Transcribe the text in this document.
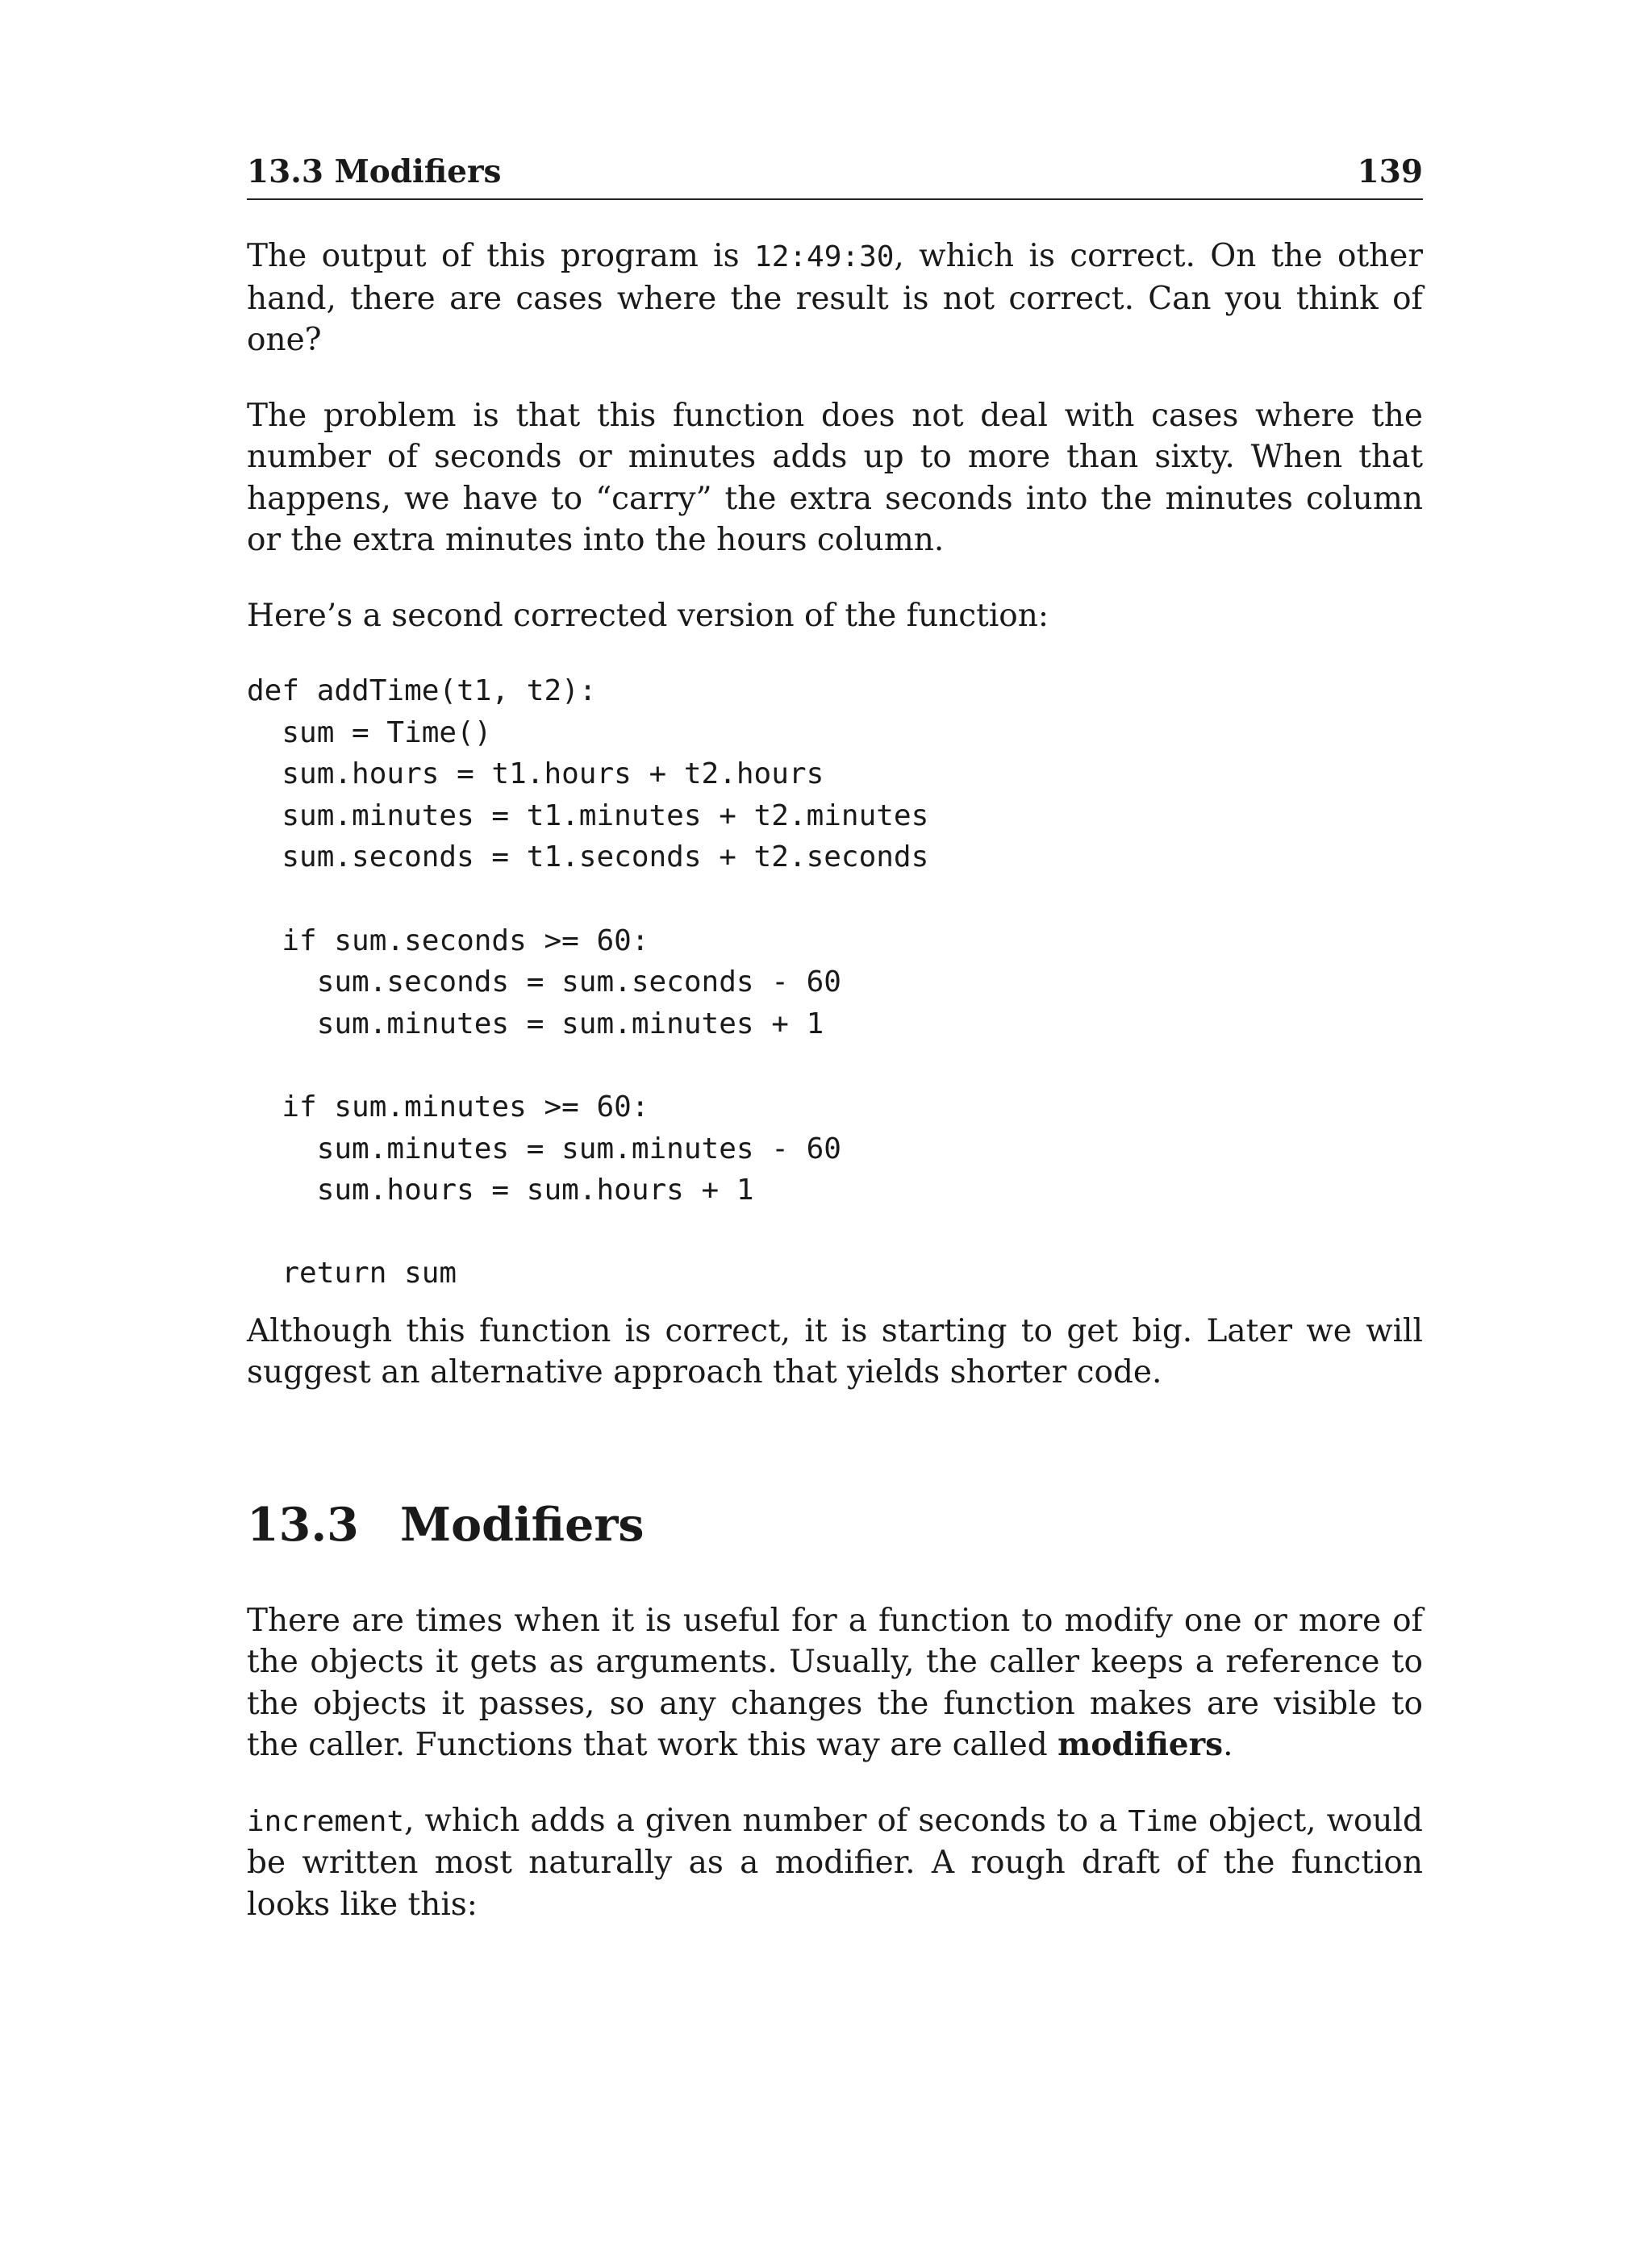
13.3 Modifiers	139

The output of this program is 12:49:30, which is correct. On the other hand, there are cases where the result is not correct. Can you think of one?

The problem is that this function does not deal with cases where the number of seconds or minutes adds up to more than sixty. When that happens, we have to “carry” the extra seconds into the minutes column or the extra minutes into the hours column.

Here’s a second corrected version of the function:

def addTime(t1, t2):
sum = Time()
sum.hours = t1.hours + t2.hours
sum.minutes = t1.minutes + t2.minutes
sum.seconds = t1.seconds + t2.seconds
if sum.seconds >= 60:
sum.seconds = sum.seconds - 60
sum.minutes = sum.minutes + 1
if sum.minutes >= 60:
sum.minutes = sum.minutes - 60
sum.hours = sum.hours + 1
return sum

Although this function is correct, it is starting to get big. Later we will suggest an alternative approach that yields shorter code.

13.3 Modifiers

There are times when it is useful for a function to modify one or more of the objects it gets as arguments. Usually, the caller keeps a reference to the objects it passes, so any changes the function makes are visible to the caller. Functions that work this way are called modifiers.

increment, which adds a given number of seconds to a Time object, would be written most naturally as a modifier. A rough draft of the function looks like this:
